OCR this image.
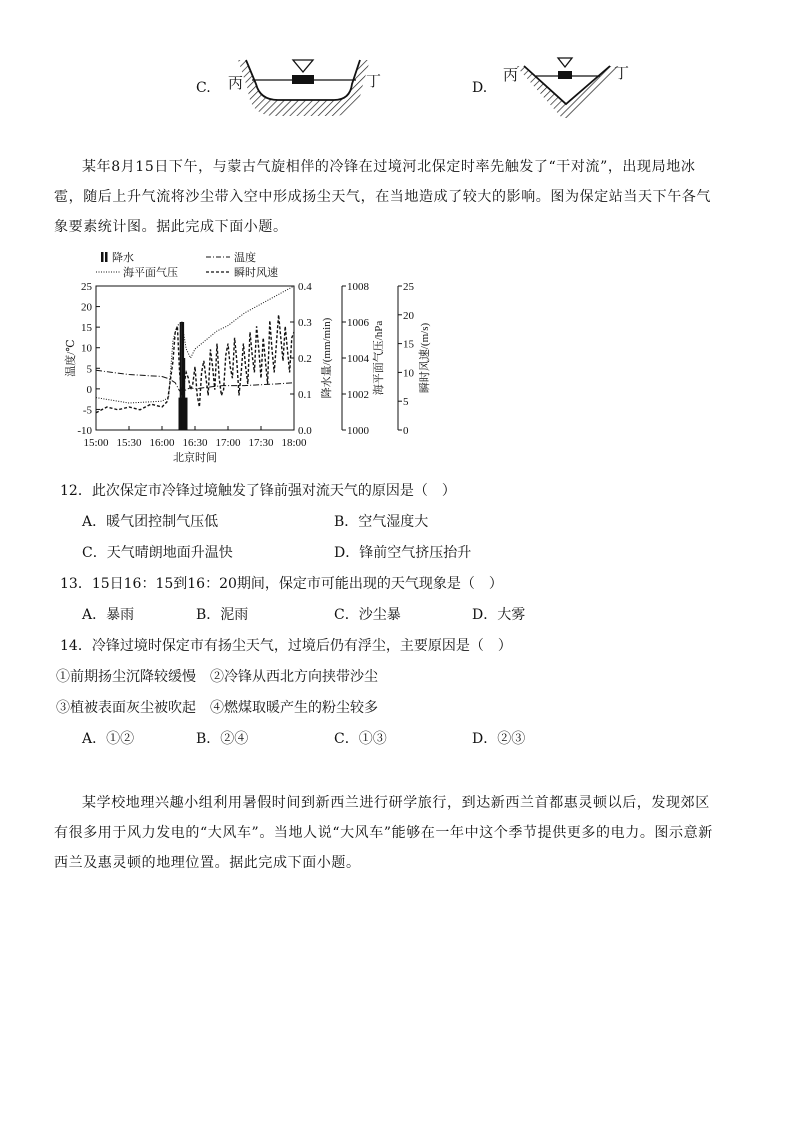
C. 丙	丁	D.
丙	丁
某年8月15日下午，与蒙古气旋相伴的冷锋在过境河北保定时率先触发了“干对流”，出现局地冰雹，随后上升气流将沙尘带入空中形成扬尘天气，在当地造成了较大的影响。图为保定站当天下午各气象要素统计图。据此完成下面小题。
降水	温度
海平面气压	瞬时风速
-10
-5
0
5
10
15
20
25
0.0
0.1
0.2
0.3
0.4
1000
1002
1004
1006
1008
0
5
10
15
20
25
15:00 15:30 16:00 16:30 17:00 17:30 18:00
温度/℃	降水量/(mm/min)	海平面气压/hPa	瞬时风速/(m/s)
北京时间
12．此次保定市冷锋过境触发了锋前强对流天气的原因是（　）
A．暖气团控制气压低	B．空气湿度大
C．天气晴朗地面升温快	D．锋前空气挤压抬升
13．15日16：15到16：20期间，保定市可能出现的天气现象是（　）
A．暴雨	B．泥雨	C．沙尘暴	D．大雾
14．冷锋过境时保定市有扬尘天气，过境后仍有浮尘，主要原因是（　）
①前期扬尘沉降较缓慢　②冷锋从西北方向挟带沙尘
③植被表面灰尘被吹起　④燃煤取暖产生的粉尘较多
A．①②	B．②④	C．①③	D．②③
某学校地理兴趣小组利用暑假时间到新西兰进行研学旅行，到达新西兰首都惠灵顿以后，发现郊区有很多用于风力发电的“大风车”。当地人说“大风车”能够在一年中这个季节提供更多的电力。图示意新西兰及惠灵顿的地理位置。据此完成下面小题。
